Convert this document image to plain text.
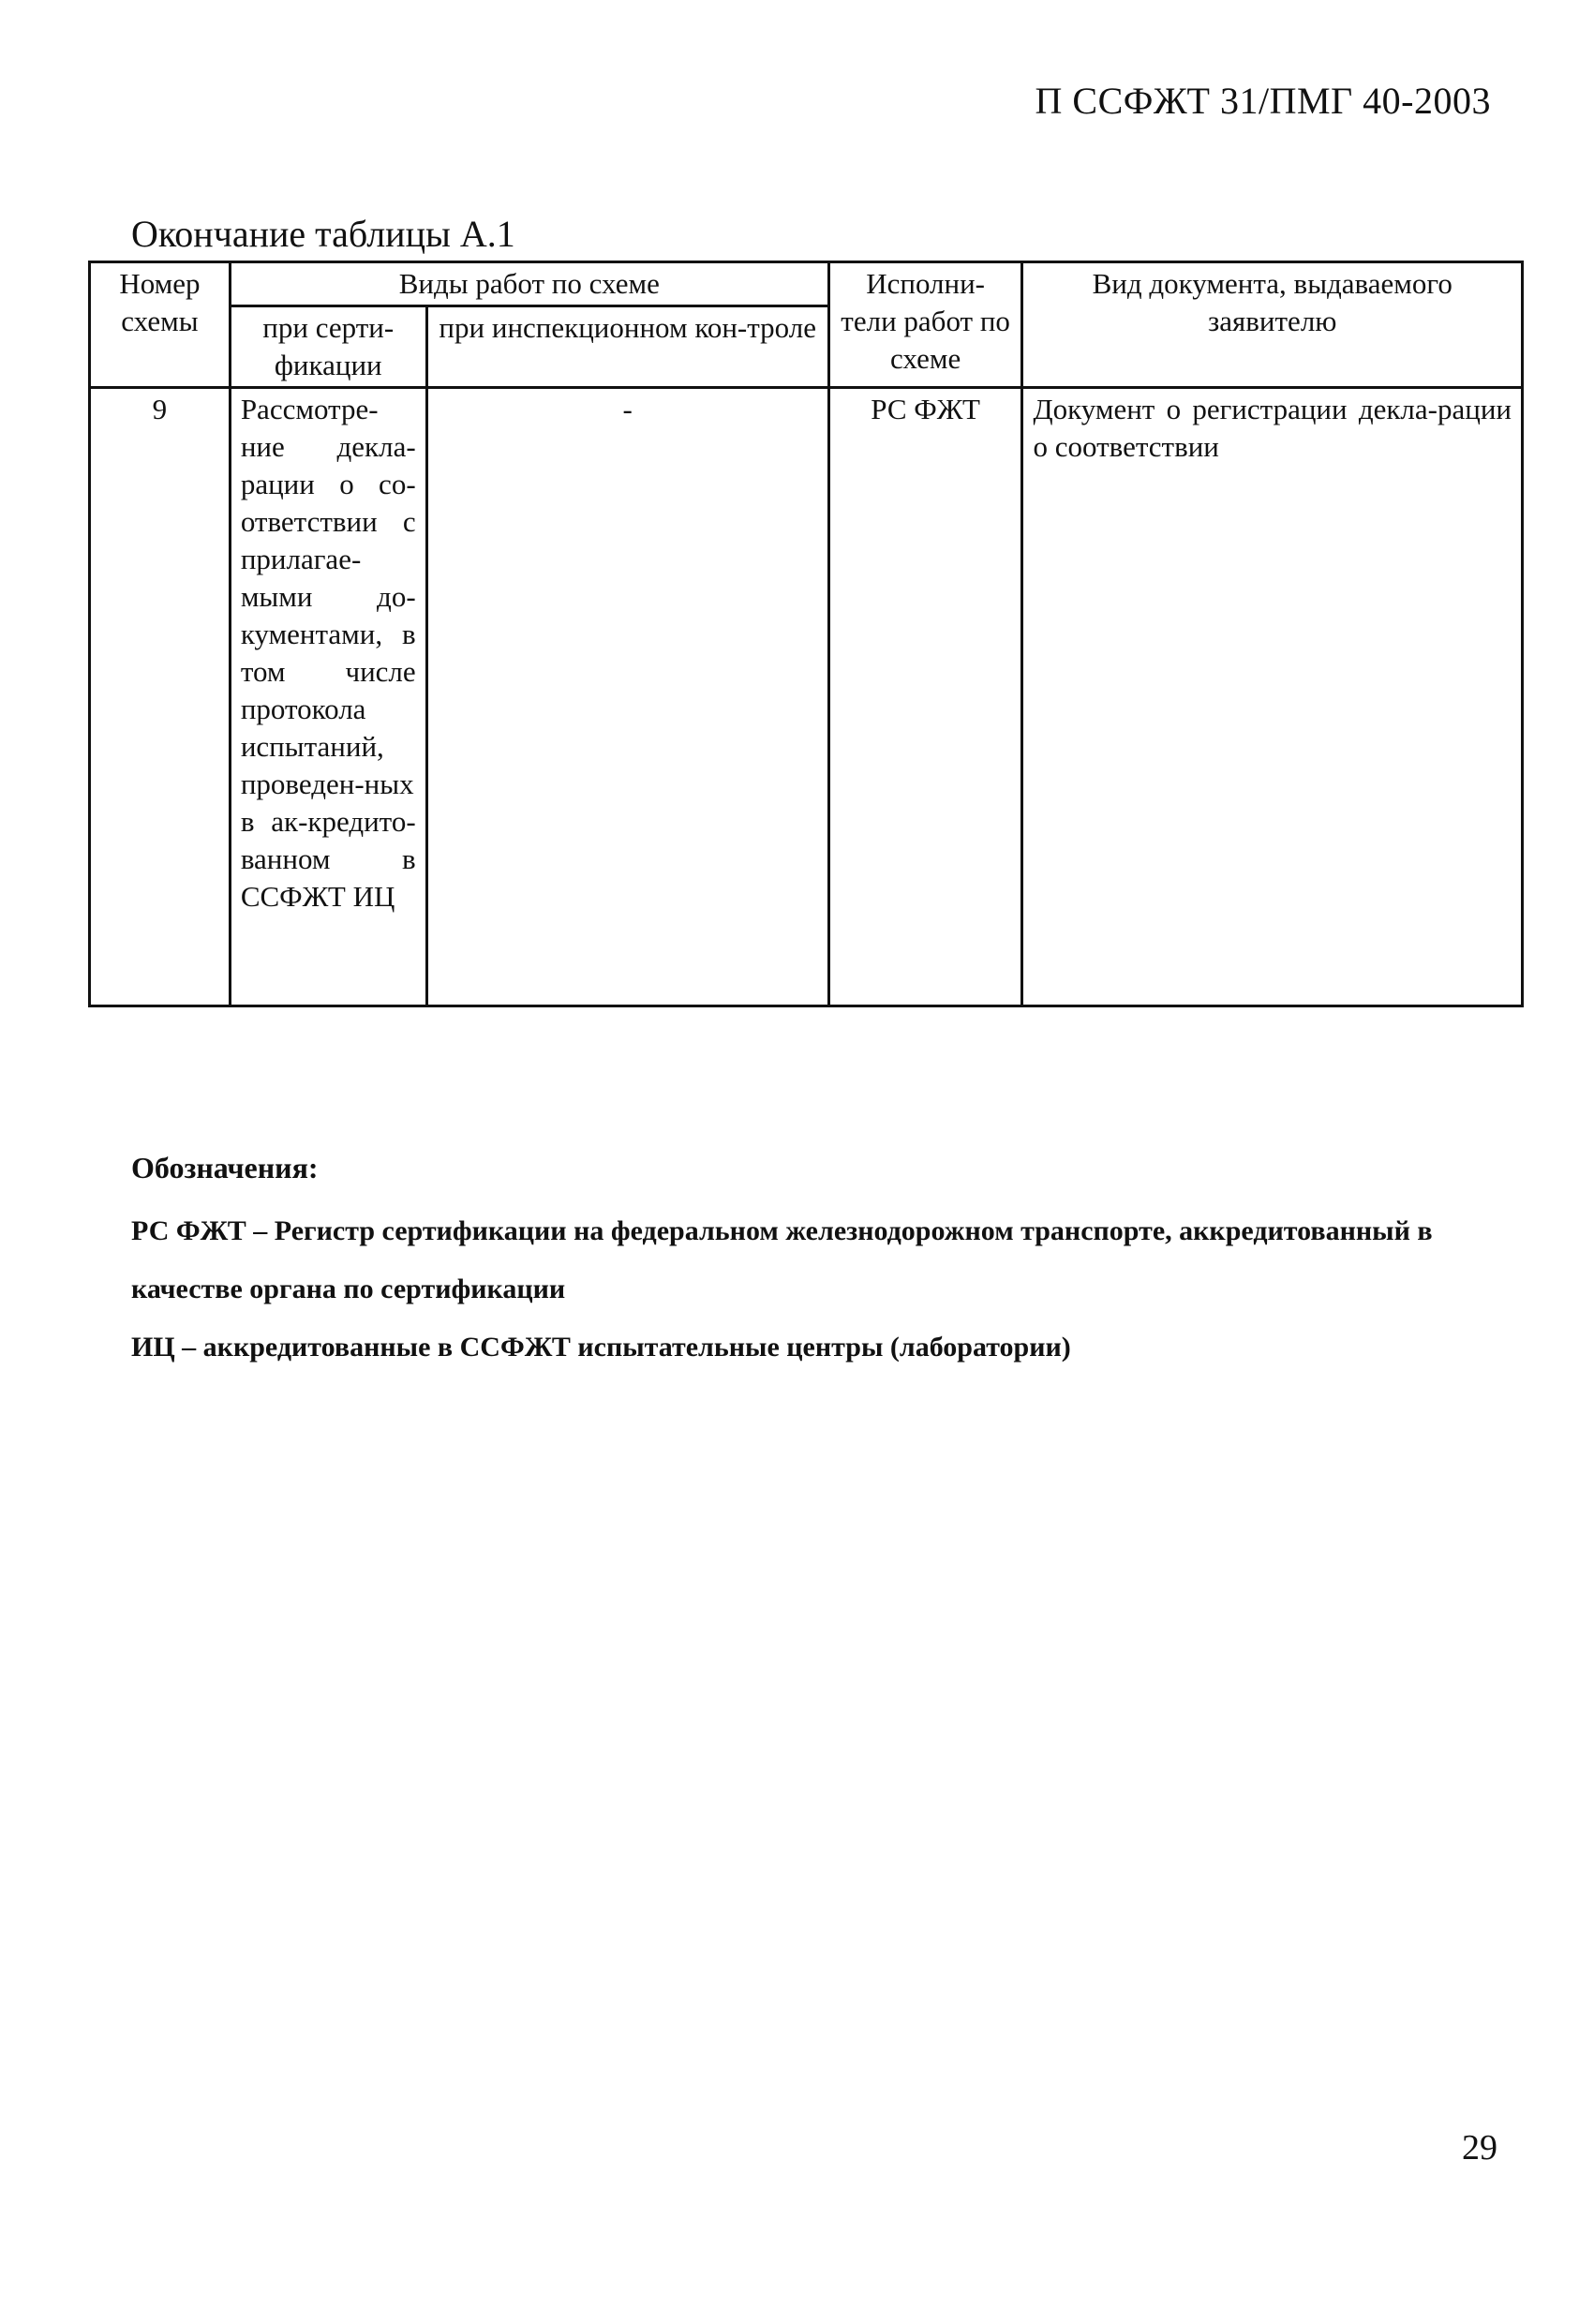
П ССФЖТ 31/ПМГ 40-2003
Окончание таблицы А.1
Номер схемы	Виды работ по схеме		Исполни-тели работ по схеме	Вид документа, выдаваемого заявителю
	при серти-фикации	при инспекционном кон-троле		
9	Рассмотре-ние декла-рации о со-ответствии с прилагае-мыми до-кументами, в том числе протокола испытаний, проведен-ных в ак-кредито-ванном в ССФЖТ ИЦ	-	РС ФЖТ	Документ о регистрации декла-рации о соответствии
Обозначения:

РС ФЖТ – Регистр сертификации на федеральном железнодорожном транспорте, аккредитованный в качестве органа по сертификации

ИЦ – аккредитованные в ССФЖТ испытательные центры (лаборатории)

29
